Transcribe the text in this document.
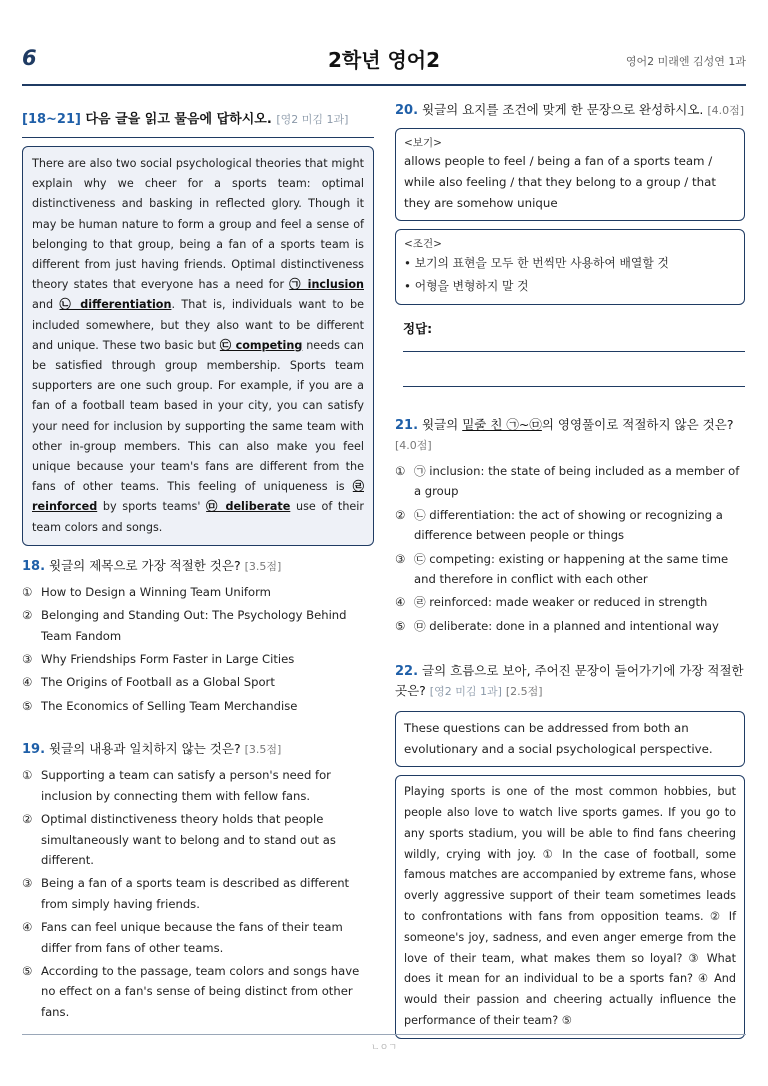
6	2학년 영어2	영어2 미래엔 김성연 1과
[18~21] 다음 글을 읽고 물음에 답하시오. [영2 미김 1과]
There are also two social psychological theories that might explain why we cheer for a sports team: optimal distinctiveness and basking in reflected glory. Though it may be human nature to form a group and feel a sense of belonging to that group, being a fan of a sports team is different from just having friends. Optimal distinctiveness theory states that everyone has a need for ㉠ inclusion and ㉡ differentiation. That is, individuals want to be included somewhere, but they also want to be different and unique. These two basic but ㉢ competing needs can be satisfied through group membership. Sports team supporters are one such group. For example, if you are a fan of a football team based in your city, you can satisfy your need for inclusion by supporting the same team with other in-group members. This can also make you feel unique because your team's fans are different from the fans of other teams. This feeling of uniqueness is ㉣ reinforced by sports teams' ㉤ deliberate use of their team colors and songs.
18. 윗글의 제목으로 가장 적절한 것은? [3.5점]
① How to Design a Winning Team Uniform
② Belonging and Standing Out: The Psychology Behind Team Fandom
③ Why Friendships Form Faster in Large Cities
④ The Origins of Football as a Global Sport
⑤ The Economics of Selling Team Merchandise
19. 윗글의 내용과 일치하지 않는 것은? [3.5점]
① Supporting a team can satisfy a person's need for inclusion by connecting them with fellow fans.
② Optimal distinctiveness theory holds that people simultaneously want to belong and to stand out as different.
③ Being a fan of a sports team is described as different from simply having friends.
④ Fans can feel unique because the fans of their team differ from fans of other teams.
⑤ According to the passage, team colors and songs have no effect on a fan's sense of being distinct from other fans.
20. 윗글의 요지를 조건에 맞게 한 문장으로 완성하시오. [4.0점]
<보기>
allows people to feel / being a fan of a sports team / while also feeling / that they belong to a group / that they are somehow unique
<조건>
• 보기의 표현을 모두 한 번씩만 사용하여 배열할 것
• 어형을 변형하지 말 것
정답:
21. 윗글의 밑줄 친 ㉠~㉤의 영영풀이로 적절하지 않은 것은? [4.0점]
① ㉠ inclusion: the state of being included as a member of a group
② ㉡ differentiation: the act of showing or recognizing a difference between people or things
③ ㉢ competing: existing or happening at the same time and therefore in conflict with each other
④ ㉣ reinforced: made weaker or reduced in strength
⑤ ㉤ deliberate: done in a planned and intentional way
22. 글의 흐름으로 보아, 주어진 문장이 들어가기에 가장 적절한 곳은? [영2 미김 1과] [2.5점]
These questions can be addressed from both an evolutionary and a social psychological perspective.
Playing sports is one of the most common hobbies, but people also love to watch live sports games. If you go to any sports stadium, you will be able to find fans cheering wildly, crying with joy. ① In the case of football, some famous matches are accompanied by extreme fans, whose overly aggressive support of their team sometimes leads to confrontations with fans from opposition teams. ② If someone's joy, sadness, and even anger emerge from the love of their team, what makes them so loyal? ③ What does it mean for an individual to be a sports fan? ④ And would their passion and cheering actually influence the performance of their team? ⑤
ㄴㅇㄱ
